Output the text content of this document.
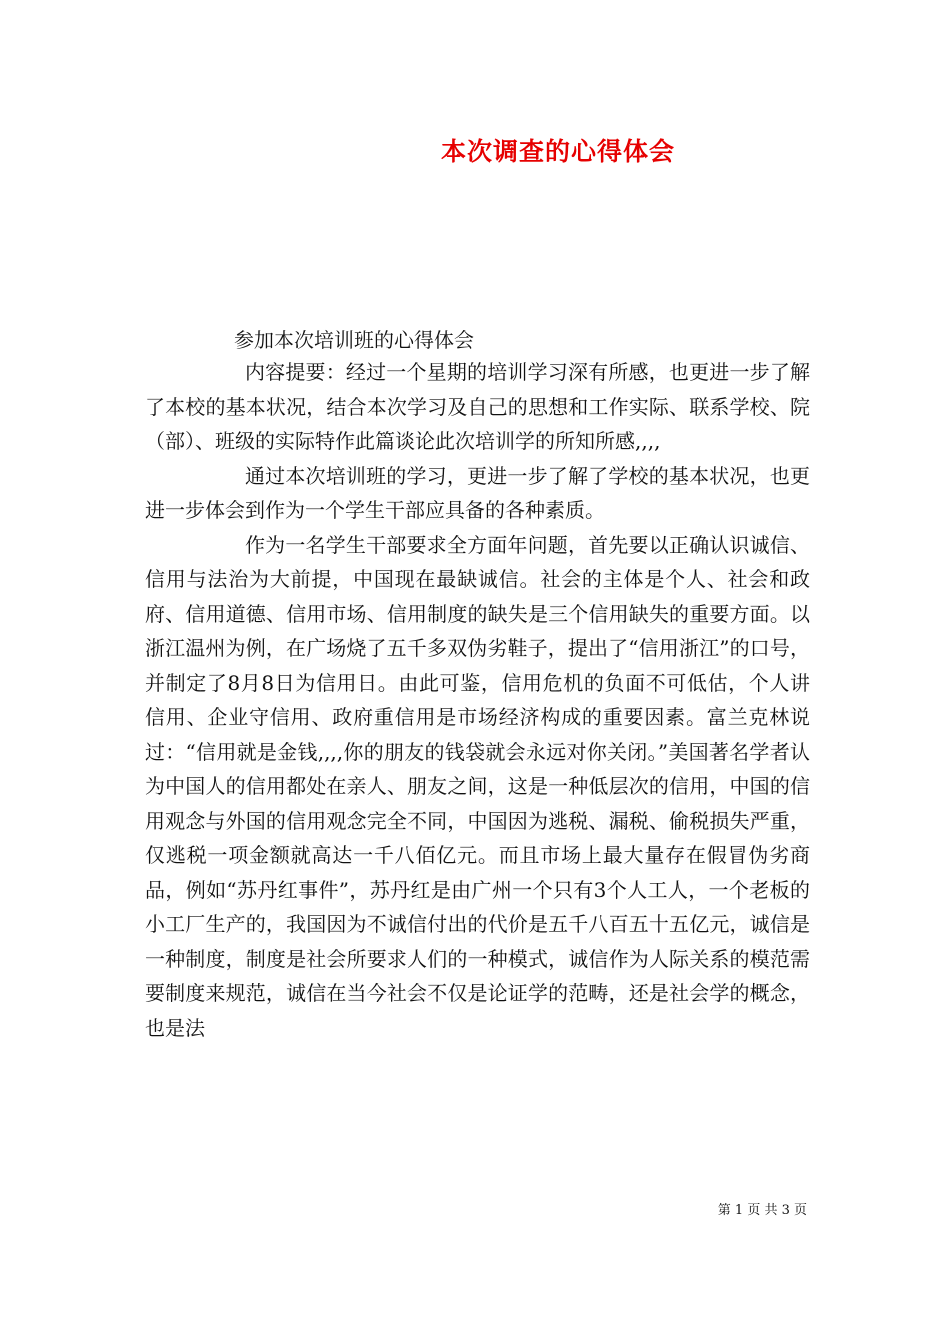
本次调查的心得体会
参加本次培训班的心得体会

内容提要：经过一个星期的培训学习深有所感，也更进一步了解了本校的基本状况，结合本次学习及自己的思想和工作实际、联系学校、院（部）、班级的实际特作此篇谈论此次培训学的所知所感,,,,

通过本次培训班的学习，更进一步了解了学校的基本状况，也更进一步体会到作为一个学生干部应具备的各种素质。

作为一名学生干部要求全方面年问题，首先要以正确认识诚信、信用与法治为大前提，中国现在最缺诚信。社会的主体是个人、社会和政府、信用道德、信用市场、信用制度的缺失是三个信用缺失的重要方面。以浙江温州为例，在广场烧了五千多双伪劣鞋子，提出了“信用浙江”的口号，并制定了8月8日为信用日。由此可鉴，信用危机的负面不可低估，个人讲信用、企业守信用、政府重信用是市场经济构成的重要因素。富兰克林说过：“信用就是金钱,,,,你的朋友的钱袋就会永远对你关闭。”美国著名学者认为中国人的信用都处在亲人、朋友之间，这是一种低层次的信用，中国的信用观念与外国的信用观念完全不同，中国因为逃税、漏税、偷税损失严重，仅逃税一项金额就高达一千八佰亿元。而且市场上最大量存在假冒伪劣商品，例如“苏丹红事件”，苏丹红是由广州一个只有3个人工人，一个老板的小工厂生产的，我国因为不诚信付出的代价是五千八百五十五亿元，诚信是一种制度，制度是社会所要求人们的一种模式，诚信作为人际关系的模范需要制度来规范，诚信在当今社会不仅是论证学的范畴，还是社会学的概念，也是法

第 1 页 共 3 页
